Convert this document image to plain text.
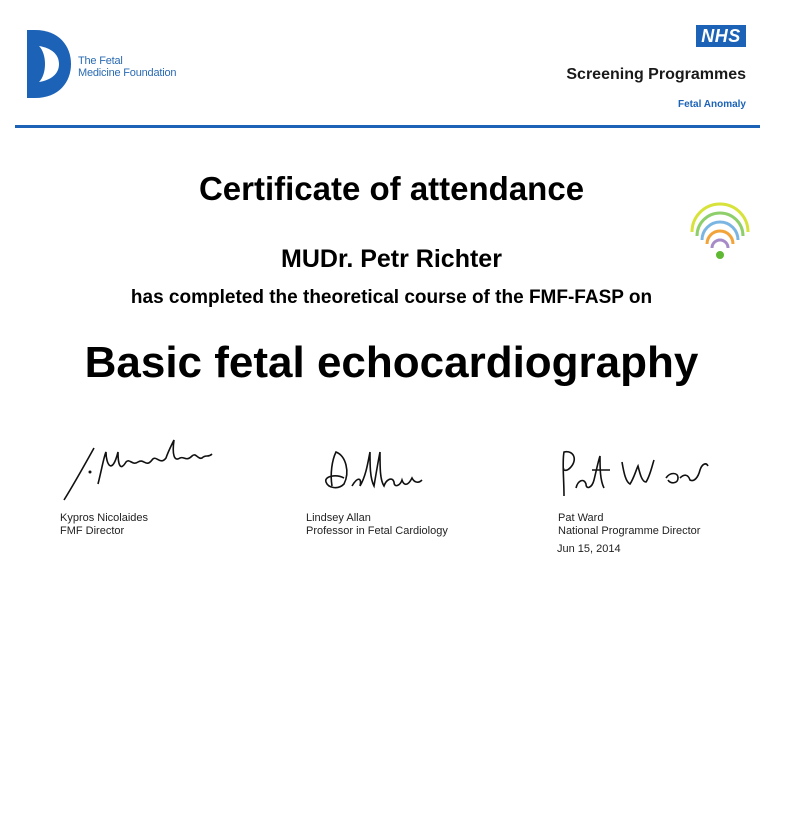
The Fetal
Medicine Foundation
NHS
Screening Programmes
Fetal Anomaly
Certificate of attendance
MUDr. Petr Richter
has completed the theoretical course of the FMF-FASP on
Basic fetal echocardiography
Kypros Nicolaides
FMF Director
Lindsey Allan
Professor in Fetal Cardiology
Pat Ward
National Programme Director
Jun 15, 2014
